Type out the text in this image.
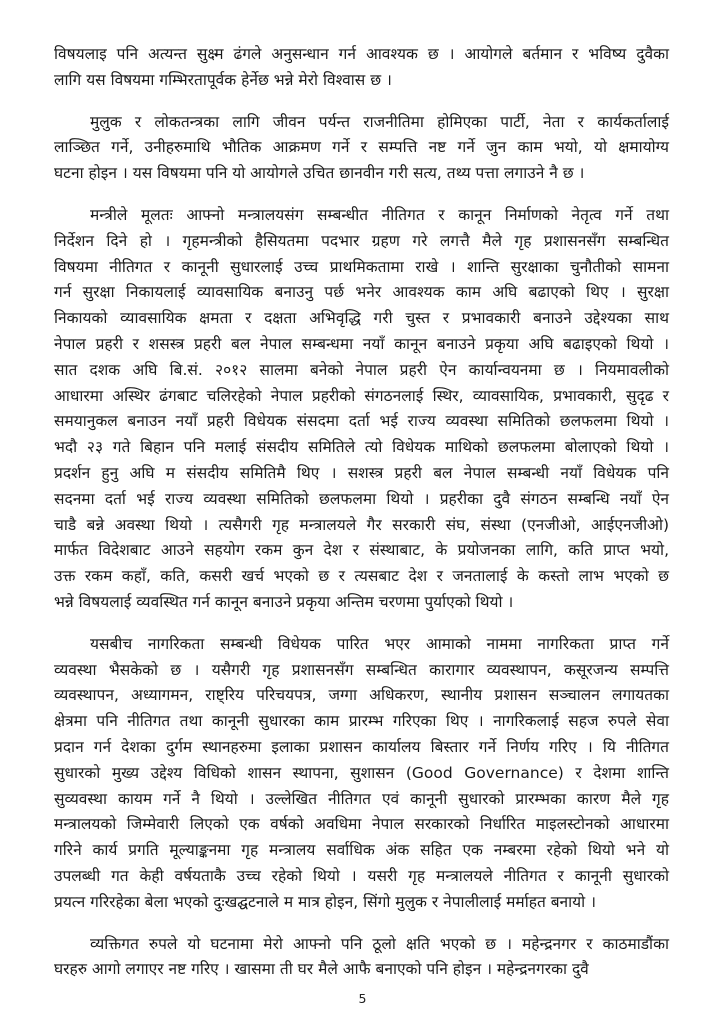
विषयलाइ पनि अत्यन्त सुक्ष्म ढंगले अनुसन्धान गर्न आवश्यक छ । आयोगले बर्तमान र भविष्य दुवैका
लागि यस विषयमा गम्भिरतापूर्वक हेर्नेछ भन्ने मेरो विश्वास छ ।
मुलुक र लोकतन्त्रका लागि जीवन पर्यन्त राजनीतिमा होमिएका पार्टी, नेता र कार्यकर्तालाई
लाञ्छित गर्ने, उनीहरुमाथि भौतिक आक्रमण गर्ने र सम्पत्ति नष्ट गर्ने जुन काम भयो, यो क्षमायोग्य
घटना होइन । यस विषयमा पनि यो आयोगले उचित छानवीन गरी सत्य, तथ्य पत्ता लगाउने नै छ ।
मन्त्रीले मूलतः आफ्नो मन्त्रालयसंग सम्बन्धीत नीतिगत र कानून निर्माणको नेतृत्व गर्ने तथा
निर्देशन दिने हो । गृहमन्त्रीको हैसियतमा पदभार ग्रहण गरे लगत्तै मैले गृह प्रशासनसँग सम्बन्धित
विषयमा नीतिगत र कानूनी सुधारलाई उच्च प्राथमिकतामा राखे । शान्ति सुरक्षाका चुनौतीको सामना
गर्न सुरक्षा निकायलाई व्यावसायिक बनाउनु पर्छ भनेर आवश्यक काम अघि बढाएको थिए । सुरक्षा
निकायको व्यावसायिक क्षमता र दक्षता अभिवृद्धि गरी चुस्त र प्रभावकारी बनाउने उद्देश्यका साथ
नेपाल प्रहरी र शसस्त्र प्रहरी बल नेपाल सम्बन्धमा नयाँ कानून बनाउने प्रकृया अघि बढाइएको थियो ।
सात दशक अघि बि.सं. २०१२ सालमा बनेको नेपाल प्रहरी ऐन कार्यान्वयनमा छ । नियमावलीको
आधारमा अस्थिर ढंगबाट चलिरहेको नेपाल प्रहरीको संगठनलाई स्थिर, व्यावसायिक, प्रभावकारी, सुदृढ र
समयानुकल बनाउन नयाँ प्रहरी विधेयक संसदमा दर्ता भई राज्य व्यवस्था समितिको छलफलमा थियो ।
भदौ २३ गते बिहान पनि मलाई संसदीय समितिले त्यो विधेयक माथिको छलफलमा बोलाएको थियो ।
प्रदर्शन हुनु अघि म संसदीय समितिमै थिए । सशस्त्र प्रहरी बल नेपाल सम्बन्धी नयाँ विधेयक पनि
सदनमा दर्ता भई राज्य व्यवस्था समितिको छलफलमा थियो । प्रहरीका दुवै संगठन सम्बन्धि नयाँ ऐन
चाडै बन्ने अवस्था थियो । त्यसैगरी गृह मन्त्रालयले गैर सरकारी संघ, संस्था (एनजीओ, आईएनजीओ)
मार्फत विदेशबाट आउने सहयोग रकम कुन देश र संस्थाबाट, के प्रयोजनका लागि, कति प्राप्त भयो,
उक्त रकम कहाँ, कति, कसरी खर्च भएको छ र त्यसबाट देश र जनतालाई के कस्तो लाभ भएको छ
भन्ने विषयलाई व्यवस्थित गर्न कानून बनाउने प्रकृया अन्तिम चरणमा पुर्याएको थियो ।
यसबीच नागरिकता सम्बन्धी विधेयक पारित भएर आमाको नाममा नागरिकता प्राप्त गर्ने
व्यवस्था भैसकेको छ । यसैगरी गृह प्रशासनसँग सम्बन्धित कारागार व्यवस्थापन, कसूरजन्य सम्पत्ति
व्यवस्थापन, अध्यागमन, राष्ट्रिय परिचयपत्र, जग्गा अधिकरण, स्थानीय प्रशासन सञ्चालन लगायतका
क्षेत्रमा पनि नीतिगत तथा कानूनी सुधारका काम प्रारम्भ गरिएका थिए । नागरिकलाई सहज रुपले सेवा
प्रदान गर्न देशका दुर्गम स्थानहरुमा इलाका प्रशासन कार्यालय बिस्तार गर्ने निर्णय गरिए । यि नीतिगत
सुधारको मुख्य उद्देश्य विधिको शासन स्थापना, सुशासन (Good Governance) र देशमा शान्ति
सुव्यवस्था कायम गर्ने नै थियो । उल्लेखित नीतिगत एवं कानूनी सुधारको प्रारम्भका कारण मैले गृह
मन्त्रालयको जिम्मेवारी लिएको एक वर्षको अवधिमा नेपाल सरकारको निर्धारित माइलस्टोनको आधारमा
गरिने कार्य प्रगति मूल्याङ्कनमा गृह मन्त्रालय सर्वाधिक अंक सहित एक नम्बरमा रहेको थियो भने यो
उपलब्धी गत केही वर्षयताकै उच्च रहेको थियो । यसरी गृह मन्त्रालयले नीतिगत र कानूनी सुधारको
प्रयत्न गरिरहेका बेला भएको दुःखद्घटनाले म मात्र होइन, सिंगो मुलुक र नेपालीलाई मर्माहत बनायो ।
व्यक्तिगत रुपले यो घटनामा मेरो आफ्नो पनि ठूलो क्षति भएको छ । महेन्द्रनगर र काठमाडौंका
घरहरु आगो लगाएर नष्ट गरिए । खासमा ती घर मैले आफै बनाएको पनि होइन । महेन्द्रनगरका दुवै
5
